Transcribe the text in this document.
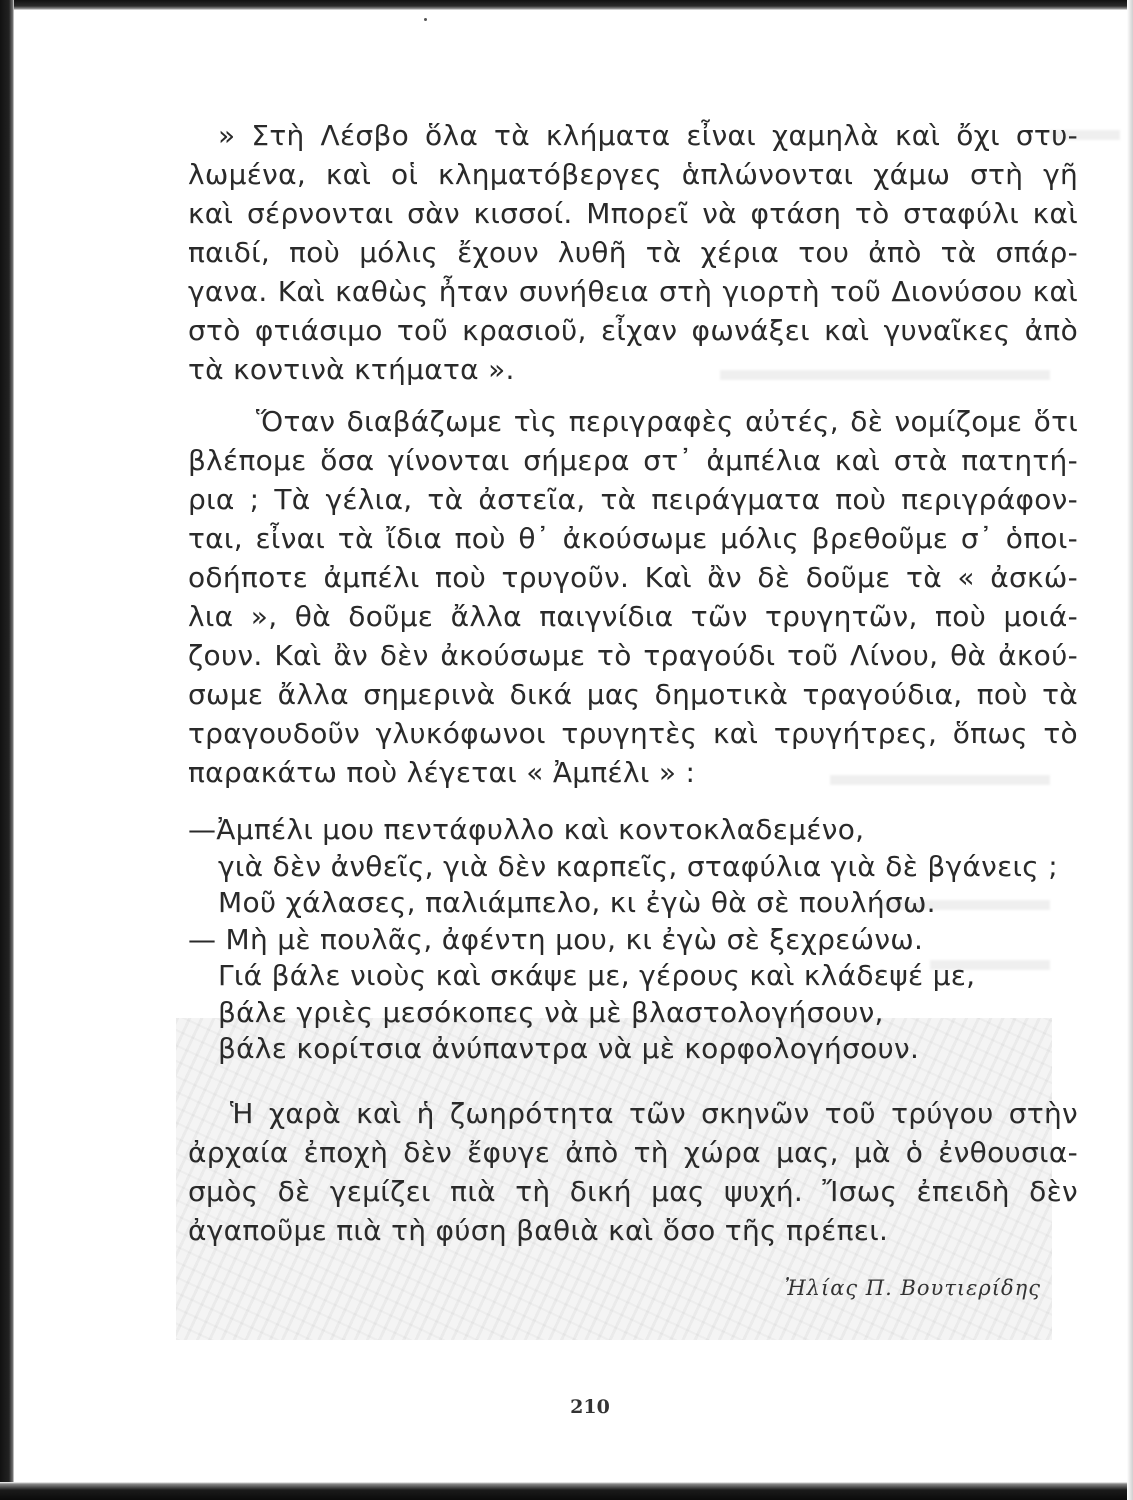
» Στὴ Λέσβο ὅλα τὰ κλήματα εἶναι χαμηλὰ καὶ ὄχι στυ-
λωμένα, καὶ οἱ κληματόβεργες ἁπλώνονται χάμω στὴ γῆ
καὶ σέρνονται σὰν κισσοί. Μπορεῖ νὰ φτάση τὸ σταφύλι καὶ
παιδί, ποὺ μόλις ἔχουν λυθῆ τὰ χέρια του ἀπὸ τὰ σπάρ-
γανα. Καὶ καθὼς ἦταν συνήθεια στὴ γιορτὴ τοῦ Διονύσου καὶ
στὸ φτιάσιμο τοῦ κρασιοῦ, εἶχαν φωνάξει καὶ γυναῖκες ἀπὸ
τὰ κοντινὰ κτήματα ».
Ὅταν διαβάζωμε τὶς περιγραφὲς αὐτές, δὲ νομίζομε ὅτι
βλέπομε ὅσα γίνονται σήμερα στ᾿ ἀμπέλια καὶ στὰ πατητή-
ρια ; Τὰ γέλια, τὰ ἀστεῖα, τὰ πειράγματα ποὺ περιγράφον-
ται, εἶναι τὰ ἴδια ποὺ θ᾿ ἀκούσωμε μόλις βρεθοῦμε σ᾿ ὁποι-
οδήποτε ἀμπέλι ποὺ τρυγοῦν. Καὶ ἂν δὲ δοῦμε τὰ « ἀσκώ-
λια », θὰ δοῦμε ἄλλα παιγνίδια τῶν τρυγητῶν, ποὺ μοιά-
ζουν. Καὶ ἂν δὲν ἀκούσωμε τὸ τραγούδι τοῦ Λίνου, θὰ ἀκού-
σωμε ἄλλα σημερινὰ δικά μας δημοτικὰ τραγούδια, ποὺ τὰ
τραγουδοῦν γλυκόφωνοι τρυγητὲς καὶ τρυγήτρες, ὅπως τὸ
παρακάτω ποὺ λέγεται « Ἀμπέλι » :
—Ἀμπέλι μου πεντάφυλλο καὶ κοντοκλαδεμένο,
γιὰ δὲν ἀνθεῖς, γιὰ δὲν καρπεῖς, σταφύλια γιὰ δὲ βγάνεις ;
Μοῦ χάλασες, παλιάμπελο, κι ἐγὼ θὰ σὲ πουλήσω.
— Μὴ μὲ πουλᾶς, ἀφέντη μου, κι ἐγὼ σὲ ξεχρεώνω.
Γιά βάλε νιοὺς καὶ σκάψε με, γέρους καὶ κλάδεψέ με,
βάλε γριὲς μεσόκοπες νὰ μὲ βλαστολογήσουν,
βάλε κορίτσια ἀνύπαντρα νὰ μὲ κορφολογήσουν.
Ἡ χαρὰ καὶ ἡ ζωηρότητα τῶν σκηνῶν τοῦ τρύγου στὴν
ἀρχαία ἐποχὴ δὲν ἔφυγε ἀπὸ τὴ χώρα μας, μὰ ὁ ἐνθουσια-
σμὸς δὲ γεμίζει πιὰ τὴ δική μας ψυχή. Ἴσως ἐπειδὴ δὲν
ἀγαποῦμε πιὰ τὴ φύση βαθιὰ καὶ ὅσο τῆς πρέπει.
Ἠλίας Π. Βουτιερίδης
210
